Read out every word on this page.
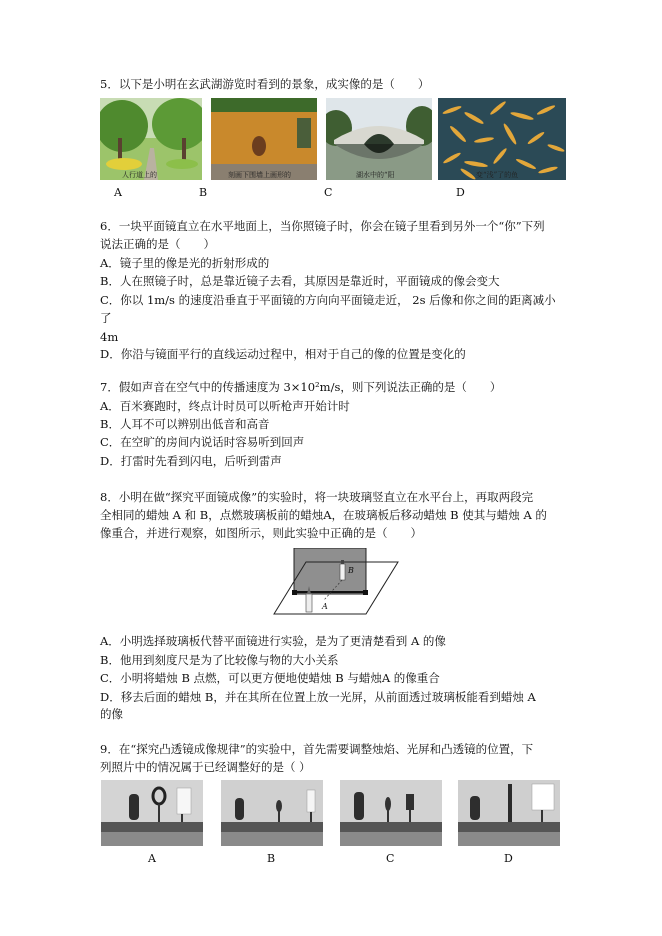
5．以下是小明在玄武湖游览时看到的景象，成实像的是（　　）
人行道上的	刻画下围墙上画形的	湖水中的“阳	变“浅”了的鱼
A	B	C	D
6．一块平面镜直立在水平地面上，当你照镜子时，你会在镜子里看到另外一个“你”下列
说法正确的是（　　）
A．镜子里的像是光的折射形成的
B．人在照镜子时，总是靠近镜子去看，其原因是靠近时，平面镜成的像会变大
C．你以 1m/s 的速度沿垂直于平面镜的方向向平面镜走近， 2s 后像和你之间的距离减小
了
4m
D．你沿与镜面平行的直线运动过程中，相对于自己的像的位置是变化的
7．假如声音在空气中的传播速度为 3×10²m/s，则下列说法正确的是（　　）
A．百米赛跑时，终点计时员可以听枪声开始计时
B．人耳不可以辨别出低音和高音
C．在空旷的房间内说话时容易听到回声
D．打雷时先看到闪电，后听到雷声
8．小明在做“探究平面镜成像”的实验时，将一块玻璃竖直立在水平台上，再取两段完
全相同的蜡烛 A 和 B，点燃玻璃板前的蜡烛A，在玻璃板后移动蜡烛 B 使其与蜡烛 A 的
像重合，并进行观察，如图所示，则此实验中正确的是（　　）
B
A
A．小明选择玻璃板代替平面镜进行实验，是为了更清楚看到 A 的像
B．他用到刻度尺是为了比较像与物的大小关系
C．小明将蜡烛 B 点燃，可以更方便地使蜡烛 B 与蜡烛A 的像重合
D．移去后面的蜡烛 B，并在其所在位置上放一光屏，从前面透过玻璃板能看到蜡烛 A
的像
9．在“探究凸透镜成像规律”的实验中，首先需要调整烛焰、光屏和凸透镜的位置，下
列照片中的情况属于已经调整好的是（ ）
A	B	C	D
